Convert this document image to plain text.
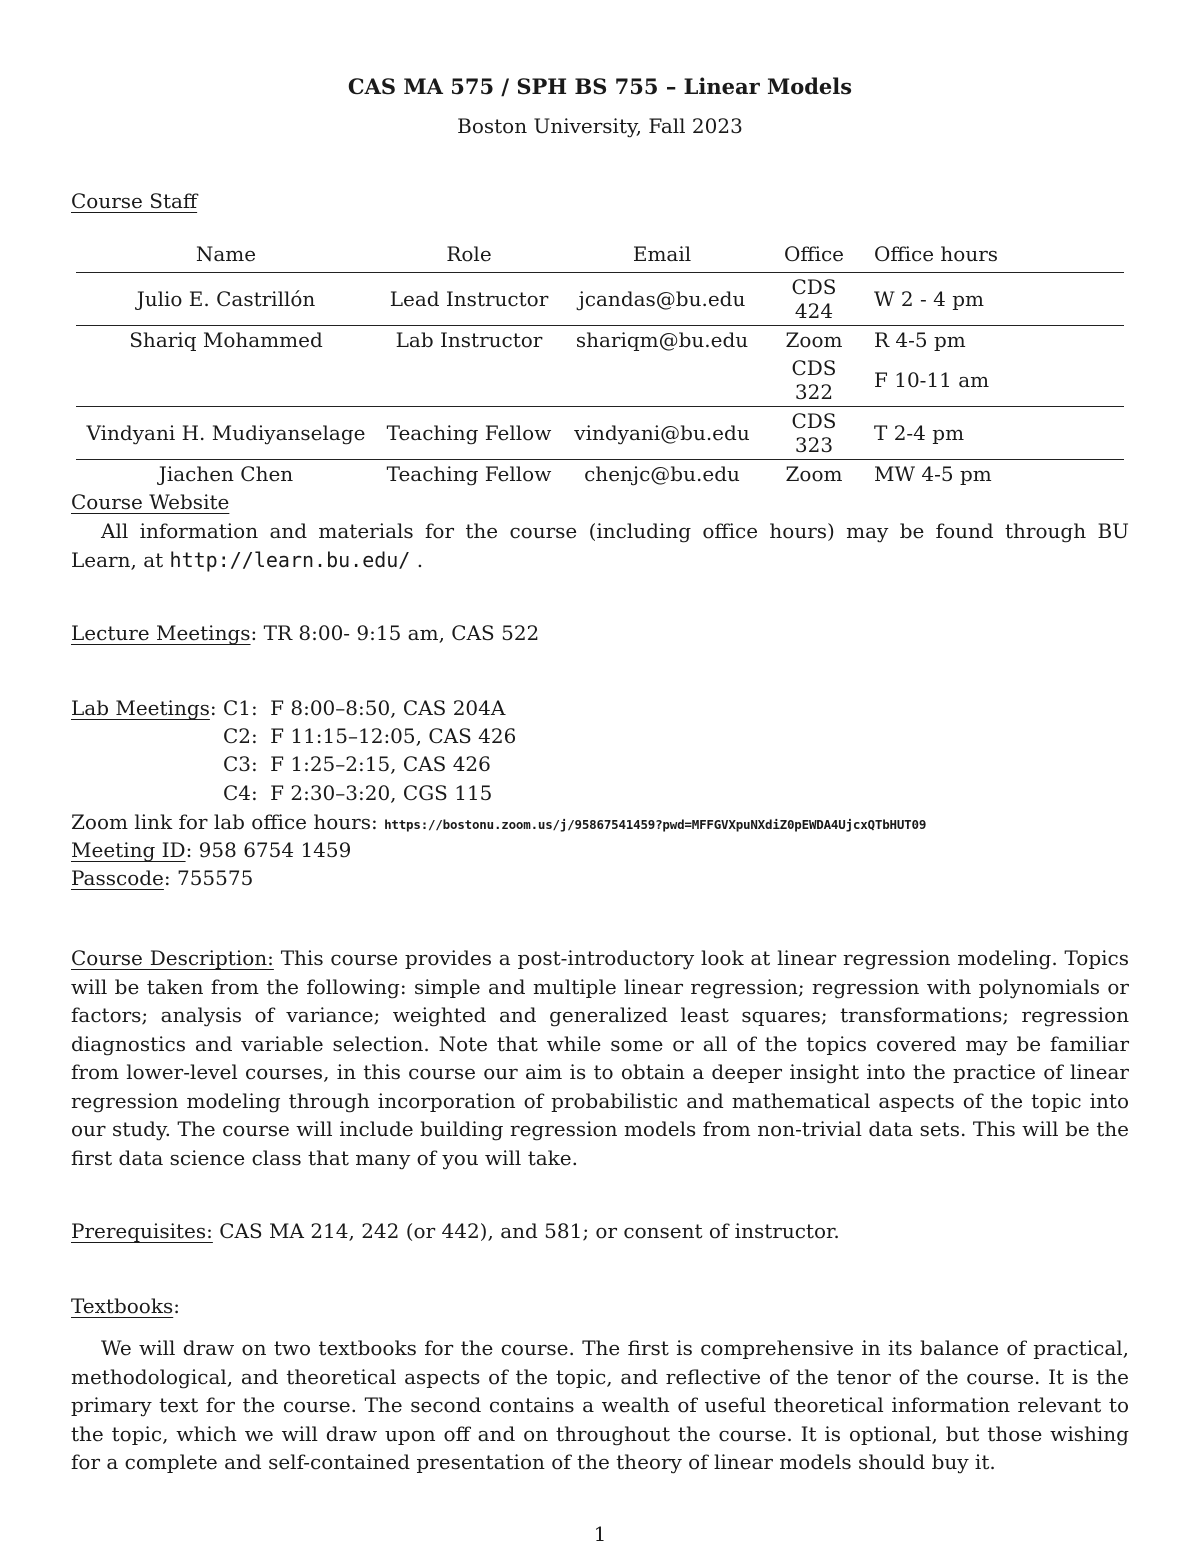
CAS MA 575 / SPH BS 755 – Linear Models
Boston University, Fall 2023
Course Staff
Name	Role	Email	Office	Office hours
Julio E. Castrillón	Lead Instructor	jcandas@bu.edu	CDS 424	W 2 - 4 pm
Shariq Mohammed	Lab Instructor	shariqm@bu.edu	Zoom	R 4-5 pm
			CDS 322	F 10-11 am
Vindyani H. Mudiyanselage	Teaching Fellow	vindyani@bu.edu	CDS 323	T 2-4 pm
Jiachen Chen	Teaching Fellow	chenjc@bu.edu	Zoom	MW 4-5 pm
Course Website
All information and materials for the course (including office hours) may be found through BU Learn, at http://learn.bu.edu/ .
Lecture Meetings: TR 8:00- 9:15 am, CAS 522
Lab Meetings: C1: F 8:00–8:50, CAS 204A
C2: F 11:15–12:05, CAS 426
C3: F 1:25–2:15, CAS 426
C4: F 2:30–3:20, CGS 115
Zoom link for lab office hours: https://bostonu.zoom.us/j/95867541459?pwd=MFFGVXpuNXdiZ0pEWDA4UjcxQTbHUT09
Meeting ID: 958 6754 1459
Passcode: 755575
Course Description: This course provides a post-introductory look at linear regression modeling. Topics will be taken from the following: simple and multiple linear regression; regression with polynomials or factors; analysis of variance; weighted and generalized least squares; transformations; regression diagnostics and variable selection. Note that while some or all of the topics covered may be familiar from lower-level courses, in this course our aim is to obtain a deeper insight into the practice of linear regression modeling through incorporation of probabilistic and mathematical aspects of the topic into our study. The course will include building regression models from non-trivial data sets. This will be the first data science class that many of you will take.
Prerequisites: CAS MA 214, 242 (or 442), and 581; or consent of instructor.
Textbooks:
We will draw on two textbooks for the course. The first is comprehensive in its balance of practical, methodological, and theoretical aspects of the topic, and reflective of the tenor of the course. It is the primary text for the course. The second contains a wealth of useful theoretical information relevant to the topic, which we will draw upon off and on throughout the course. It is optional, but those wishing for a complete and self-contained presentation of the theory of linear models should buy it.
1
